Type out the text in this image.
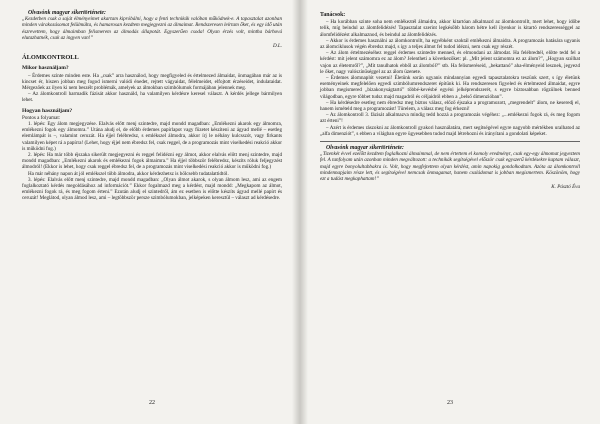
Olvasónk magyar sikertörténete:

„Kezdetben csak a saját élményeimet akartam kipróbálni, hogy a fenti technikák valóban működnek-e. A tapasztalat azonban minden várakozásomat felülmúlta, és hamarosan kezdtem megjegyezni az álmaimat. Rendszeresen leírtam őket, és egy idő után észrevettem, hogy álmaimban felismerem az álmodás állapotát. Egyszerűen csoda! Olyan érzés volt, mintha bárhová elutazhatnék, csak az ingyen van!”

D.L.
ÁLOMKONTROLL
Mikor használjam?

– Érdemes szinte minden este. Ha „csak” arra használod, hogy megfigyeled és értelmezed álmaidat, önmagában már az is kincset ér, hiszen jobban meg fogod ismerni valódi énedet, rejtett vágyaidat, félelmeidet, elfojtott érzéseidet, indulataidat. Mérgezőek az ilyen ki nem beszélt problémák, amelyek az álmokban szimbólumok formájában jelennek meg.

– Az álomkontroll harmadik fázisát akkor használd, ha valamilyen kérdésre keresel választ. A kérdés jellege bármilyen lehet.

Hogyan használjam?

Pontos a folyamat:

1. lépés: Egy álom megjegyzése. Elalvás előtt menj szintedre, majd mondd magadban: „Emlékezni akarok egy álmomra, emlékezni fogok egy álmomra.” Utána aludj el, de előbb érdemes papírlapot vagy füzetet készíteni az ágyad mellé – esetleg elemlámpát is –, valamint ceruzát. Ha éjjel felébredsz, s emlékszel álmodra, akkor írj le néhány kulcsszót, vagy firkants valamilyen képet rá a papírra! (Lehet, hogy éjjel nem ébredsz fel, csak reggel, de a programozás mint viselkedési reakció akkor is működni fog.)

2. lépés: Ha már több éjszaka sikerült megjegyezni és reggel felidézni egy álmot, akkor elalvás előtt menj szintedre, majd mondd magadban: „Emlékezni akarok és emlékezni fogok álmaimra.” Ha éjjel többször felébredsz, készíts róluk feljegyzést álmodról! (Ekkor is lehet, hogy csak reggel ébredsz fel, de a programozás mint viselkedési reakció akkor is működni fog.)

Ha már néhány napon át jól emlékszel több álmodra, akkor kérdezhetsz is bölcsebb tudatalattidtól.

3. lépés: Elalvás előtt menj szintedre, majd mondd magadban: „Olyan álmot akarok, s olyan álmom lesz, ami az engem foglalkoztató kérdés megoldásához ad információt.” Ekkor fogalmazd meg a kérdést, majd mondd: „Megkapom az álmot, emlékezni fogok rá, és meg fogom érteni.” Ezután aludj el szintedről, ám ez esetben is előtte készíts ágyad mellé papírt és ceruzát! Meglátod, olyan álmod lesz, ami – legtöbbször persze szimbólumokban, jelképeken keresztül – választ ad kérdésedre.

22
Tanácsok:

– Ha korábban szinte soha nem emlékeztél álmaidra, akkor kitartóan alkalmazd az álomkontrollt, mert lehet, hogy időbe telik, míg beindul az álomfelidézés! Tapasztalat szerint legkésőbb három hétre kell ilyenkor is kitartó rendszerességgel az álomfelidézést alkalmaznod, és beindul az álomfelidézés.

– Akkor is érdemes használni az álomkontrollt, ha egyébként szoktál emlékezni álmaidra. A programozás hatására ugyanis az álomciklusok végén ébredsz majd, s így a teljes álmot fel tudod idézni, nem csak egy részét.

– Az álom értelmezéséhez reggel érdemes szintedre menned, és elmondani az álmodat. Ha felébredtél, előtte tedd fel a kérdést: mit jelent számomra ez az álom? Jelentheti a következőket: pl. „Mit jelent számomra ez az álom?”, „Hogyan szólhat vajon az életemről?”, „Mit tanulhatok ebből az álomból?” stb. Ha felismeréseid, „bekattanó” aha-élményeid lesznek, jegyezd le őket, nagy valószínűséggel az az álom üzenete.

– Érdemes álomnaplót vezetni! Életünk során ugyanis mindannyian egyedi tapasztalatokra teszünk szert, s így életünk eseményeinek megfelelően egyedi szimbólumrendszeret építünk ki. Ha rendszeresen figyeled és értelmezed álmaidat, egyre jobban megismered „bizakonyságtartó” többé-kevésbé egyéni jelképrendszerét, s egyre biztosabban rögzülnek benned világodban, egyre többet tudsz majd magadról és céljaidról ebben a „belső dimenzióban”.

– Ha kérdésedre esetleg nem ébredsz meg biztos válasz, előző éjszaka a programozott, „megrendelt” álom, ne keseredj el, hanem ismételd meg a programozást! Türelem, a válasz meg fog érkezni!

– Az álomkontroll 3. fázisát alkalmazva mindig tedd hozzá a programozás végéhez: „...emlékezni fogok rá, és meg fogom azt érteni”!

– Azért is érdemes rászokni az álomkontroll gyakori használatára, mert segítségével egyre nagyobb mértékben uralhatod az „alfa dimenziót”, s ebben a világban egyre ügyesebben tudod majd létrehozni és irányítani a gondolati képeket.

Olvasónk magyar sikertörténete:

„Tizenkét évvel ezelőtt kezdtem foglalkozni álmaimmal, de nem értettem el komoly eredményt, csak egy-egy álmomat jegyeztem fel. A tanfolyam után azonban minden megváltozott: a technikák segítségével először csak egyszerű kérdésekre kaptam választ, majd egyre bonyolultabbakra is. Volt, hogy megfejtettem olyan kérdést, amin napokig gondolkodtam. Azóta az álomkontroll mindennapjaim része lett, és segítségével nemcsak önmagamat, hanem családomat is jobban megismertem. Köszönöm, hogy ezt a tudást megkaphattam!”

K. Pásztó Éva
23
